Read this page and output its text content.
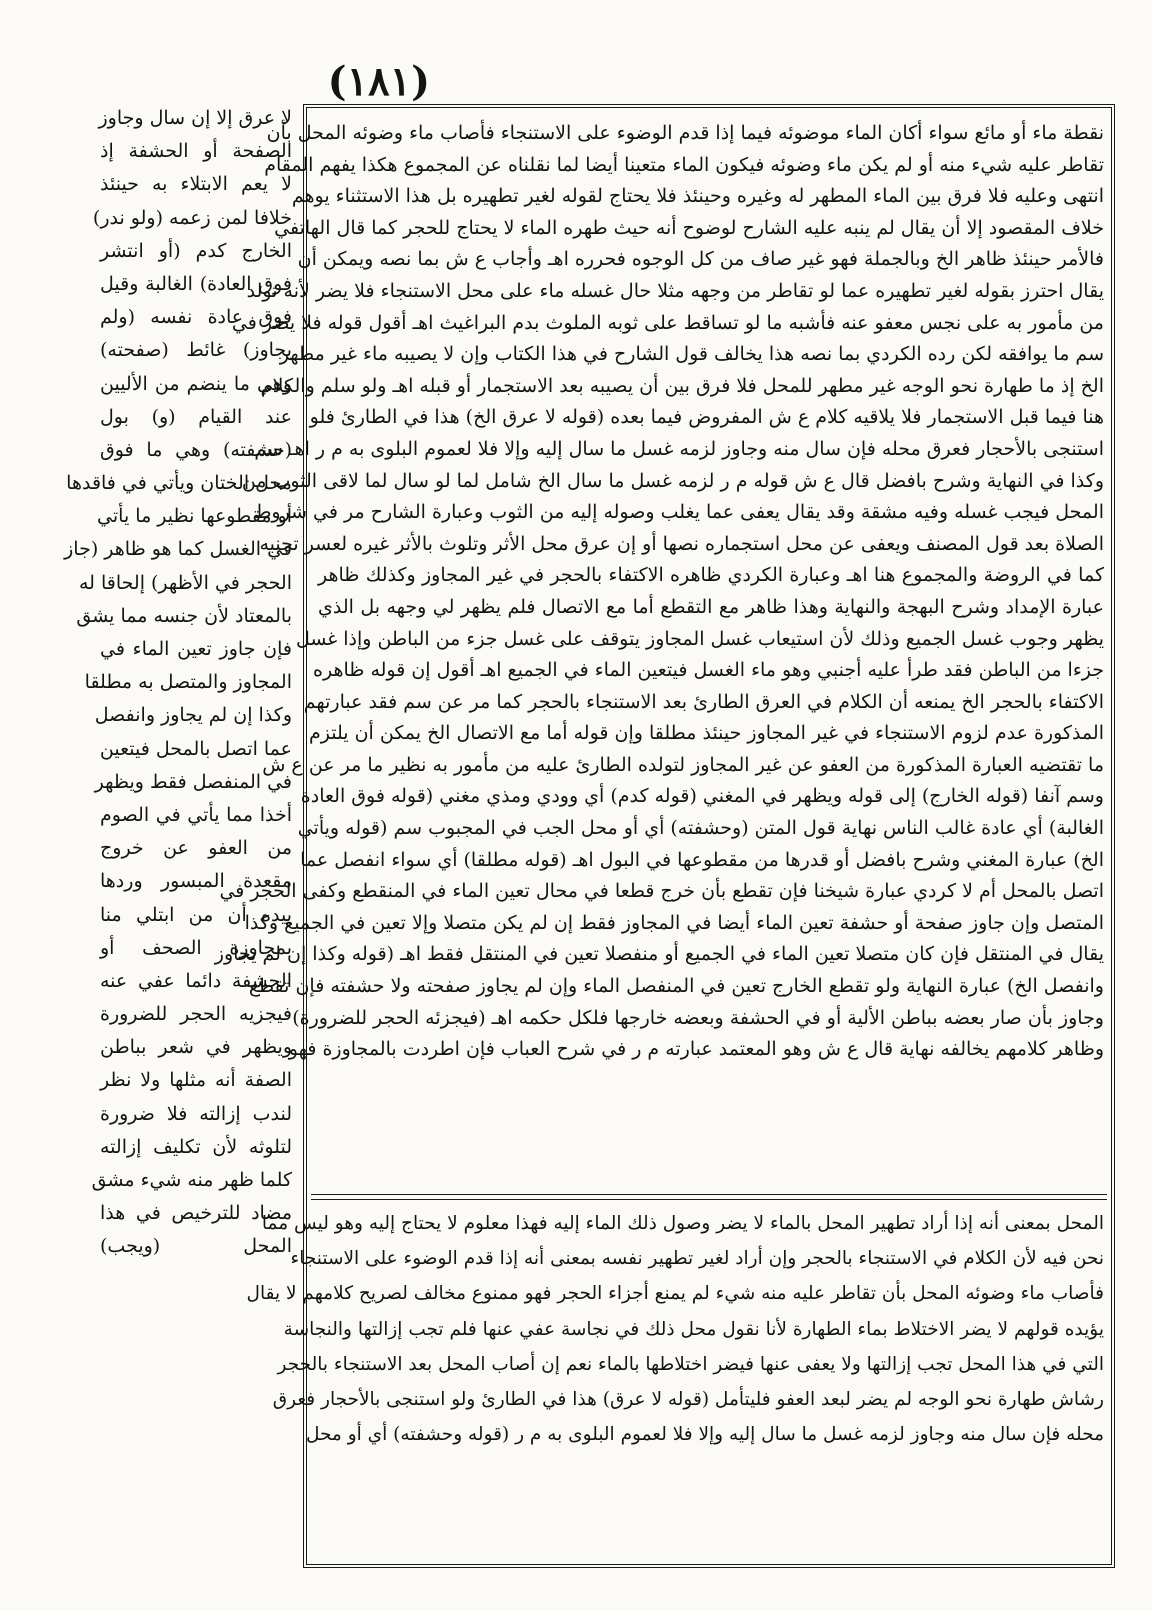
(۱۸۱)
نقطة ماء أو مائع سواء أكان الماء موضوئه فيما إذا قدم الوضوء على الاستنجاء فأصاب ماء وضوئه المحل بأن
تقاطر عليه شيء منه أو لم يكن ماء وضوئه فيكون الماء متعينا أيضا لما نقلناه عن المجموع هكذا يفهم المقام
انتهى وعليه فلا فرق بين الماء المطهر له وغيره وحينئذ فلا يحتاج لقوله لغير تطهيره بل هذا الاستثناء يوهم
خلاف المقصود إلا أن يقال لم ينبه عليه الشارح لوضوح أنه حيث طهره الماء لا يحتاج للحجر كما قال الهاتفي
فالأمر حينئذ ظاهر الخ وبالجملة فهو غير صاف من كل الوجوه فحرره اهـ وأجاب ع ش بما نصه ويمكن أن
يقال احترز بقوله لغير تطهيره عما لو تقاطر من وجهه مثلا حال غسله ماء على محل الاستنجاء فلا يضر لأنه تولد
من مأمور به على نجس معفو عنه فأشبه ما لو تساقط على ثوبه الملوث بدم البراغيث اهـ أقول قوله فلا يضر في
سم ما يوافقه لكن رده الكردي بما نصه هذا يخالف قول الشارح في هذا الكتاب وإن لا يصيبه ماء غير مطهر
الخ إذ ما طهارة نحو الوجه غير مطهر للمحل فلا فرق بين أن يصيبه بعد الاستجمار أو قبله اهـ ولو سلم والكلام
هنا فيما قبل الاستجمار فلا يلاقيه كلام ع ش المفروض فيما بعده (قوله لا عرق الخ) هذا في الطارئ فلو
استنجى بالأحجار فعرق محله فإن سال منه وجاوز لزمه غسل ما سال إليه وإلا فلا لعموم البلوى به م ر اهـ سم
وكذا في النهاية وشرح بافضل قال ع ش قوله م ر لزمه غسل ما سال الخ شامل لما لو سال لما لاقى الثوب من
المحل فيجب غسله وفيه مشقة وقد يقال يعفى عما يغلب وصوله إليه من الثوب وعبارة الشارح مر في شروط
الصلاة بعد قول المصنف ويعفى عن محل استجماره نصها أو إن عرق محل الأثر وتلوث بالأثر غيره لعسر تجنبه
كما في الروضة والمجموع هنا اهـ وعبارة الكردي ظاهره الاكتفاء بالحجر في غير المجاوز وكذلك ظاهر
عبارة الإمداد وشرح البهجة والنهاية وهذا ظاهر مع التقطع أما مع الاتصال فلم يظهر لي وجهه بل الذي
يظهر وجوب غسل الجميع وذلك لأن استيعاب غسل المجاوز يتوقف على غسل جزء من الباطن وإذا غسل
جزءا من الباطن فقد طرأ عليه أجنبي وهو ماء الغسل فيتعين الماء في الجميع اهـ أقول إن قوله ظاهره
الاكتفاء بالحجر الخ يمنعه أن الكلام في العرق الطارئ بعد الاستنجاء بالحجر كما مر عن سم فقد عبارتهم
المذكورة عدم لزوم الاستنجاء في غير المجاوز حينئذ مطلقا وإن قوله أما مع الاتصال الخ يمكن أن يلتزم
ما تقتضيه العبارة المذكورة من العفو عن غير المجاوز لتولده الطارئ عليه من مأمور به نظير ما مر عن ع ش
وسم آنفا (قوله الخارج) إلى قوله ويظهر في المغني (قوله كدم) أي وودي ومذي مغني (قوله فوق العادة
الغالبة) أي عادة غالب الناس نهاية قول المتن (وحشفته) أي أو محل الجب في المجبوب سم (قوله ويأتي
الخ) عبارة المغني وشرح بافضل أو قدرها من مقطوعها في البول اهـ (قوله مطلقا) أي سواء انفصل عما
اتصل بالمحل أم لا كردي عبارة شيخنا فإن تقطع بأن خرج قطعا في محال تعين الماء في المنقطع وكفى الحجر في
المتصل وإن جاوز صفحة أو حشفة تعين الماء أيضا في المجاوز فقط إن لم يكن متصلا وإلا تعين في الجميع وكذا
يقال في المنتقل فإن كان متصلا تعين الماء في الجميع أو منفصلا تعين في المنتقل فقط اهـ (قوله وكذا إن لم يجاوز
وانفصل الخ) عبارة النهاية ولو تقطع الخارج تعين في المنفصل الماء وإن لم يجاوز صفحته ولا حشفته فإن تقطع
وجاوز بأن صار بعضه بباطن الألية أو في الحشفة وبعضه خارجها فلكل حكمه اهـ (فيجزئه الحجر للضرورة)
وظاهر كلامهم يخالفه نهاية قال ع ش وهو المعتمد عبارته م ر في شرح العباب فإن اطردت بالمجاوزة فهو
المحل بمعنى أنه إذا أراد تطهير المحل بالماء لا يضر وصول ذلك الماء إليه فهذا معلوم لا يحتاج إليه وهو ليس مما
نحن فيه لأن الكلام في الاستنجاء بالحجر وإن أراد لغير تطهير نفسه بمعنى أنه إذا قدم الوضوء على الاستنجاء
فأصاب ماء وضوئه المحل بأن تقاطر عليه منه شيء لم يمنع أجزاء الحجر فهو ممنوع مخالف لصريح كلامهم لا يقال
يؤيده قولهم لا يضر الاختلاط بماء الطهارة لأنا نقول محل ذلك في نجاسة عفي عنها فلم تجب إزالتها والنجاسة
التي في هذا المحل تجب إزالتها ولا يعفى عنها فيضر اختلاطها بالماء نعم إن أصاب المحل بعد الاستنجاء بالحجر
رشاش طهارة نحو الوجه لم يضر لبعد العفو فليتأمل (قوله لا عرق) هذا في الطارئ ولو استنجى بالأحجار فعرق
محله فإن سال منه وجاوز لزمه غسل ما سال إليه وإلا فلا لعموم البلوى به م ر (قوله وحشفته) أي أو محل
لا عرق إلا إن سال وجاوز
الصفحة أو الحشفة إذ
لا يعم الابتلاء به حينئذ
خلافا لمن زعمه (ولو ندر)
الخارج كدم (أو انتشر
فوق العادة) الغالبة وقيل
فوق عادة نفسه (ولم
يجاوز) غائط (صفحته)
وهي ما ينضم من الأليين
عند القيام (و) بول
(حشفته) وهي ما فوق
محل الختان ويأتي في فاقدها
أو مقطوعها نظير ما يأتي
في الغسل كما هو ظاهر (جاز
الحجر في الأظهر) إلحاقا له
بالمعتاد لأن جنسه مما يشق
فإن جاوز تعين الماء في
المجاوز والمتصل به مطلقا
وكذا إن لم يجاوز وانفصل
عما اتصل بالمحل فيتعين
في المنفصل فقط ويظهر
أخذا مما يأتي في الصوم
من العفو عن خروج
مقعدة المبسور وردها
بيده أن من ابتلي منا
بمجاوزة الصحف أو
الحشفة دائما عفي عنه
فيجزيه الحجر للضرورة
ويظهر في شعر بباطن
الصفة أنه مثلها ولا نظر
لندب إزالته فلا ضرورة
لتلوثه لأن تكليف إزالته
كلما ظهر منه شيء مشق
مضاد للترخيص في هذا
المحل (ويجب)
